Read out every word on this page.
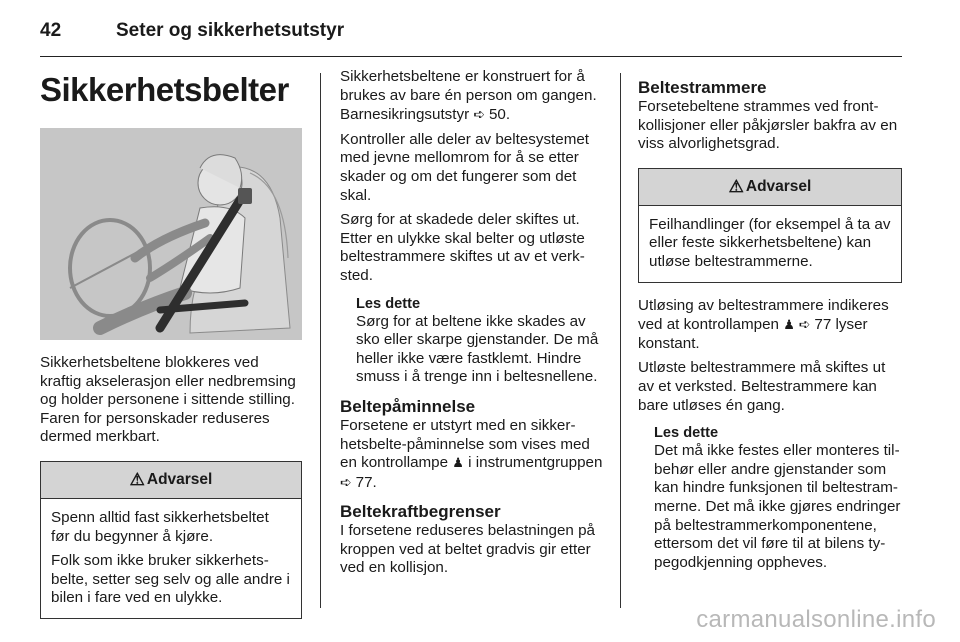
42	Seter og sikkerhetsutstyr
Sikkerhetsbelter

Sikkerhetsbeltene blokkeres ved kraftig akselerasjon eller nedbremsing og holder personene i sittende stilling. Faren for personskader reduseres dermed merkbart.

⚠ Advarsel

Spenn alltid fast sikkerhetsbeltet før du begynner å kjøre.

Folk som ikke bruker sikkerhetsbelte, setter seg selv og alle andre i bilen i fare ved en ulykke.

Sikkerhetsbeltene er konstruert for å brukes av bare én person om gangen. Barnesikringsutstyr ➪ 50.

Kontroller alle deler av beltesystemet med jevne mellomrom for å se etter skader og om det fungerer som det skal.

Sørg for at skadede deler skiftes ut. Etter en ulykke skal belter og utløste beltestrammere skiftes ut av et verksted.

Les dette

Sørg for at beltene ikke skades av sko eller skarpe gjenstander. De må heller ikke være fastklemt. Hindre smuss i å trenge inn i beltesnellene.

Beltepåminnelse

Forsetene er utstyrt med en sikkerhetsbelte-påminnelse som vises med en kontrollampe ♟ i instrumentgruppen ➪ 77.

Beltekraftbegrenser

I forsetene reduseres belastningen på kroppen ved at beltet gradvis gir etter ved en kollisjon.

Beltestrammere

Forsetebeltene strammes ved frontkollisjoner eller påkjørsler bakfra av en viss alvorlighetsgrad.

⚠ Advarsel

Feilhandlinger (for eksempel å ta av eller feste sikkerhetsbeltene) kan utløse beltestrammerne.

Utløsing av beltestrammere indikeres ved at kontrollampen ♟ ➪ 77 lyser konstant.

Utløste beltestrammere må skiftes ut av et verksted. Beltestrammere kan bare utløses én gang.

Les dette

Det må ikke festes eller monteres tilbehør eller andre gjenstander som kan hindre funksjonen til beltestrammerne. Det må ikke gjøres endringer på beltestrammerkomponentene, ettersom det vil føre til at bilens typegodkjenning oppheves.

carmanualsonline.info
